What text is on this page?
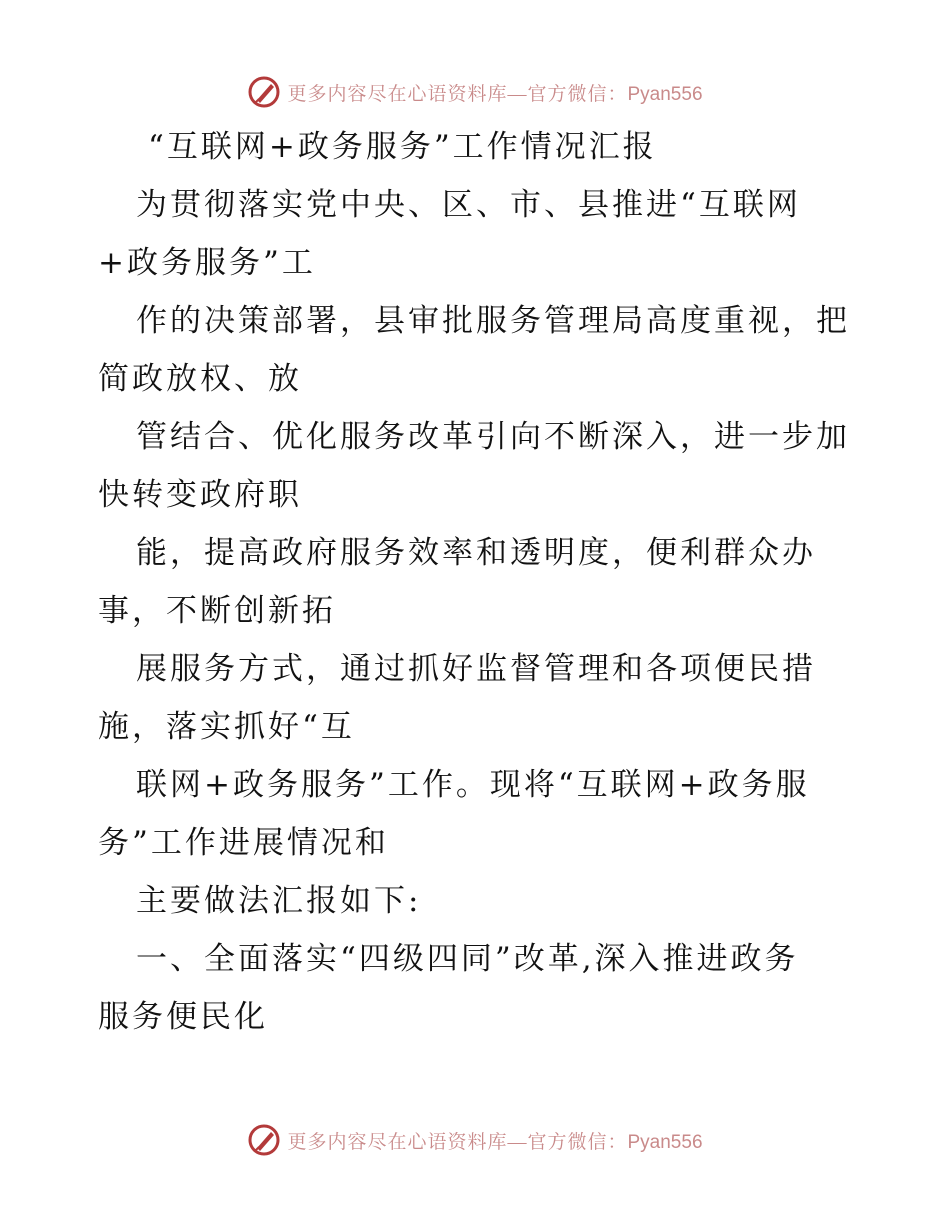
更多内容尽在心语资料库—官方微信：Pyan556
“互联网+政务服务”工作情况汇报
为贯彻落实党中央、区、市、县推进“互联网
+政务服务”工
作的决策部署，县审批服务管理局高度重视，把
简政放权、放
管结合、优化服务改革引向不断深入，进一步加
快转变政府职
能，提高政府服务效率和透明度，便利群众办
事，不断创新拓
展服务方式，通过抓好监督管理和各项便民措
施，落实抓好“互
联网+政务服务”工作。现将“互联网+政务服
务”工作进展情况和
主要做法汇报如下:
一、全面落实“四级四同”改革,深入推进政务
服务便民化
更多内容尽在心语资料库—官方微信：Pyan556
